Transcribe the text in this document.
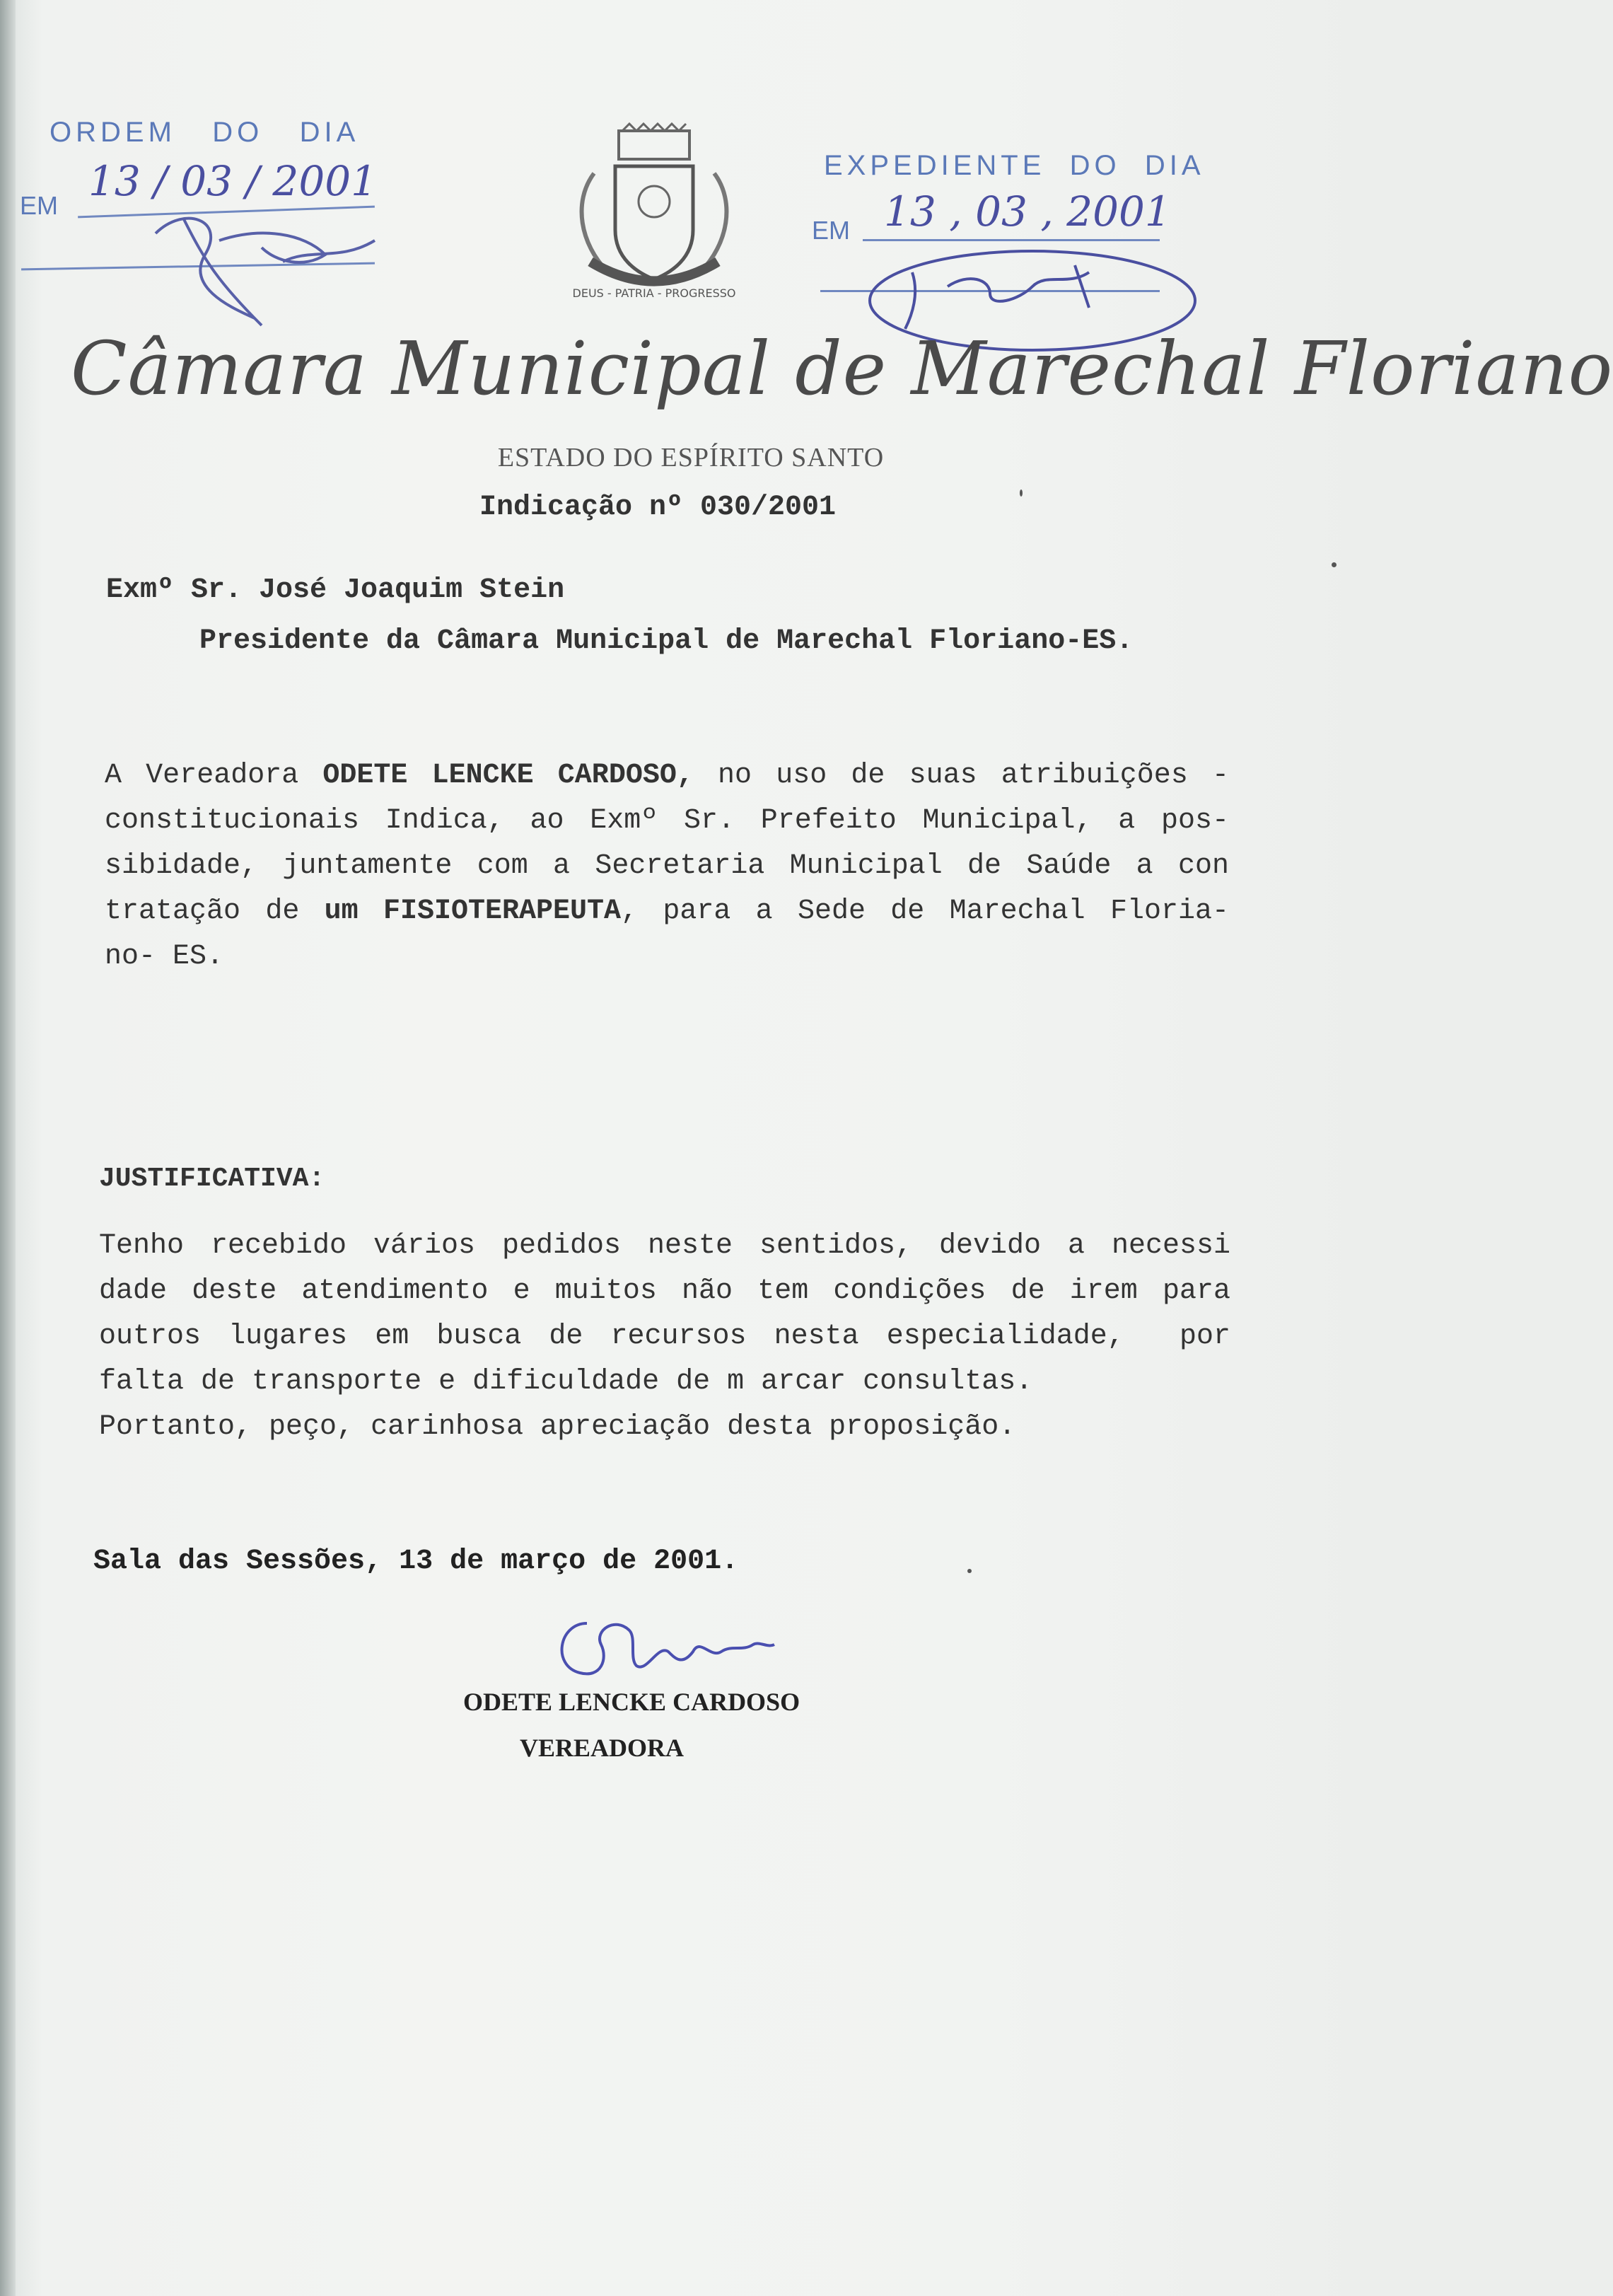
ORDEM   DO   DIA
EM
13 / 03 / 2001
DEUS - PATRIA - PROGRESSO
EXPEDIENTE  DO  DIA
EM 13 , 03 , 2001
Câmara Municipal de Marechal Floriano
ESTADO DO ESPÍRITO SANTO
Indicação nº 030/2001
Exmº Sr. José Joaquim Stein
Presidente da Câmara Municipal de Marechal Floriano-ES.
A Vereadora ODETE LENCKE CARDOSO, no uso de suas atribuições -
constitucionais Indica, ao Exmº Sr. Prefeito Municipal, a pos-
sibidade, juntamente com a Secretaria Municipal de Saúde a con
tratação de um FISIOTERAPEUTA, para a Sede de Marechal Floria-
no- ES.
JUSTIFICATIVA:
Tenho recebido vários pedidos neste sentidos, devido a necessi
dade deste atendimento e muitos não tem condições de irem para
outros lugares em busca de recursos nesta especialidade,  por
falta de transporte e dificuldade de m arcar consultas.
Portanto, peço, carinhosa apreciação desta proposição.
Sala das Sessões, 13 de março de 2001.
ODETE LENCKE CARDOSO
VEREADORA
